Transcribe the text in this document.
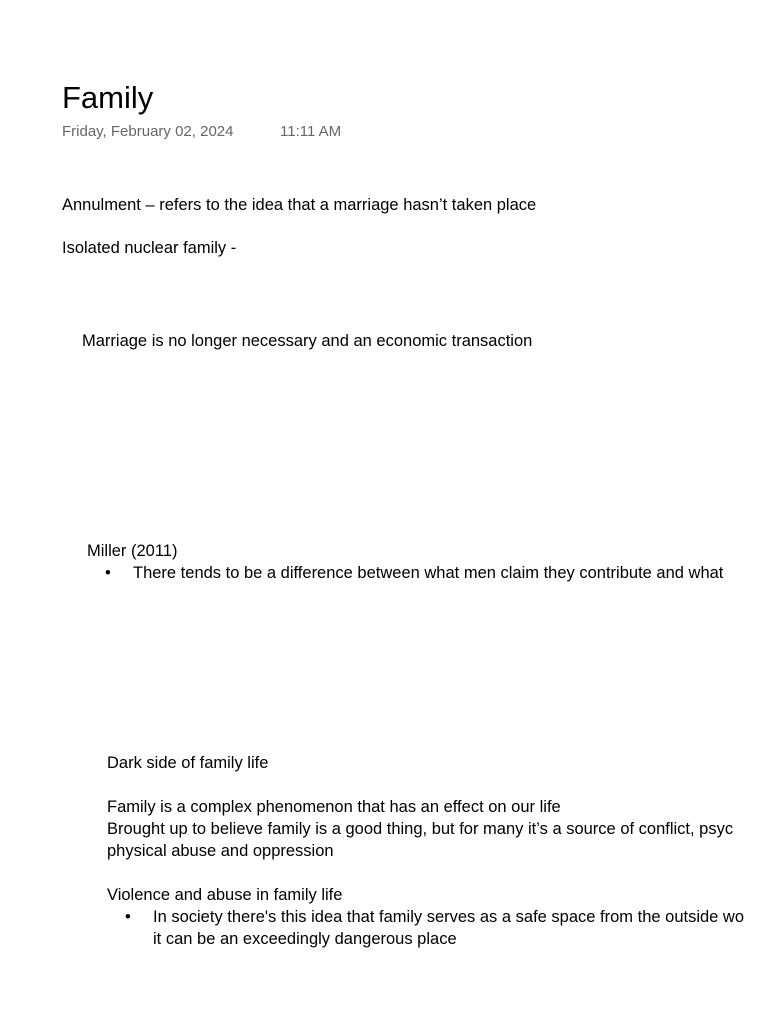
Family
Friday, February 02, 2024	11:11 AM
Annulment – refers to the idea that a marriage hasn’t taken place
Isolated nuclear family -
Marriage is no longer necessary and an economic transaction
Miller (2011)
• There tends to be a difference between what men claim they contribute and what
Dark side of family life
Family is a complex phenomenon that has an effect on our life
Brought up to believe family is a good thing, but for many it’s a source of conflict, psyc
physical abuse and oppression
Violence and abuse in family life
• In society there's this idea that family serves as a safe space from the outside wo
it can be an exceedingly dangerous place
